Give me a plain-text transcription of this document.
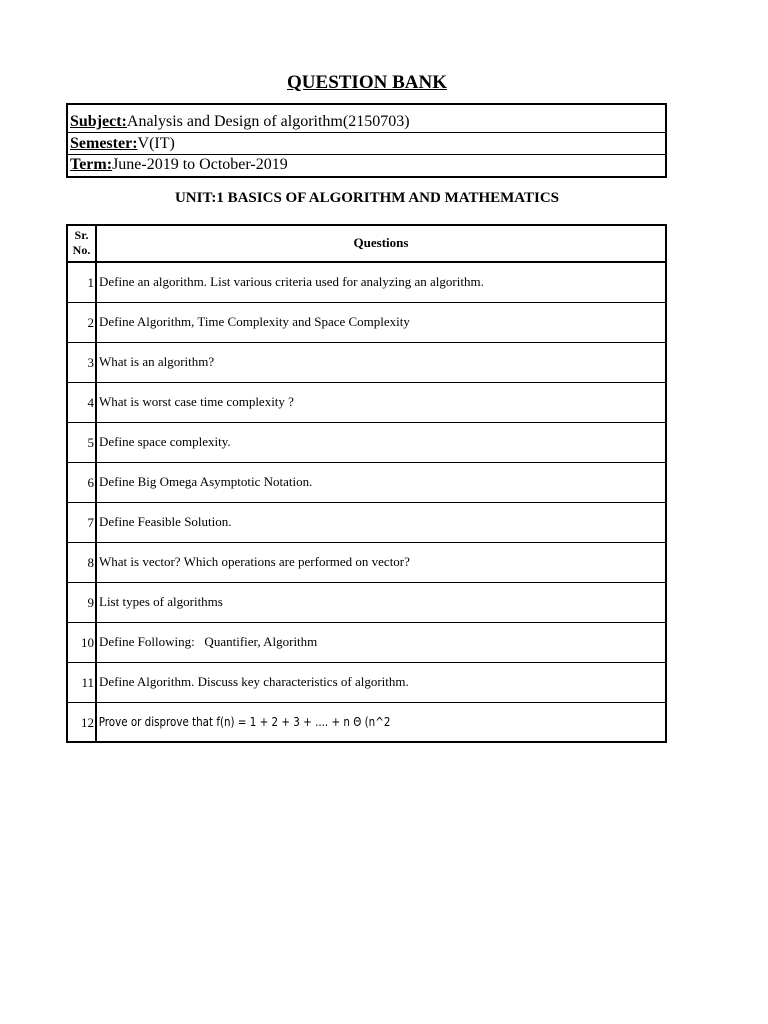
QUESTION BANK
Subject:Analysis and Design of algorithm(2150703)
Semester:V(IT)
Term:June-2019 to October-2019
UNIT:1 BASICS OF ALGORITHM AND MATHEMATICS
Sr. No.	Questions
1 Define an algorithm. List various criteria used for analyzing an algorithm.
2 Define Algorithm, Time Complexity and Space Complexity
3 What is an algorithm?
4 What is worst case time complexity ?
5 Define space complexity.
6 Define Big Omega Asymptotic Notation.
7 Define Feasible Solution.
8 What is vector? Which operations are performed on vector?
9 List types of algorithms
10 Define Following:   Quantifier, Algorithm
11 Define Algorithm. Discuss key characteristics of algorithm.
12 Prove or disprove that f(n) = 1 + 2 + 3 + .... + n Θ (n^2
